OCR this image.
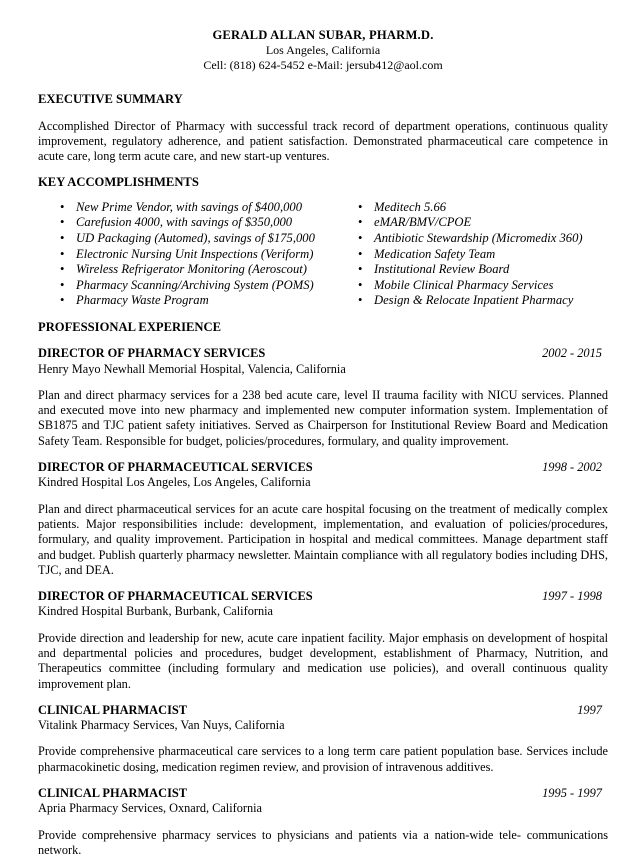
GERALD ALLAN SUBAR, PHARM.D.
Los Angeles, California
Cell: (818) 624-5452 e-Mail: jersub412@aol.com
EXECUTIVE SUMMARY

Accomplished Director of Pharmacy with successful track record of department operations, continuous quality improvement, regulatory adherence, and patient satisfaction. Demonstrated pharmaceutical care competence in acute care, long term acute care, and new start-up ventures.

KEY ACCOMPLISHMENTS
• New Prime Vendor, with savings of $400,000
• Carefusion 4000, with savings of $350,000
• UD Packaging (Automed), savings of $175,000
• Electronic Nursing Unit Inspections (Veriform)
• Wireless Refrigerator Monitoring (Aeroscout)
• Pharmacy Scanning/Archiving System (POMS)
• Pharmacy Waste Program
• Meditech 5.66
• eMAR/BMV/CPOE
• Antibiotic Stewardship (Micromedix 360)
• Medication Safety Team
• Institutional Review Board
• Mobile Clinical Pharmacy Services
• Design & Relocate Inpatient Pharmacy
PROFESSIONAL EXPERIENCE
DIRECTOR OF PHARMACY SERVICES	2002 - 2015

Henry Mayo Newhall Memorial Hospital, Valencia, California

Plan and direct pharmacy services for a 238 bed acute care, level II trauma facility with NICU services. Planned and executed move into new pharmacy and implemented new computer information system. Implementation of SB1875 and TJC patient safety initiatives. Served as Chairperson for Institutional Review Board and Medication Safety Team. Responsible for budget, policies/procedures, formulary, and quality improvement.

DIRECTOR OF PHARMACEUTICAL SERVICES	1998 - 2002

Kindred Hospital Los Angeles, Los Angeles, California

Plan and direct pharmaceutical services for an acute care hospital focusing on the treatment of medically complex patients. Major responsibilities include: development, implementation, and evaluation of policies/procedures, formulary, and quality improvement. Participation in hospital and medical committees. Manage department staff and budget. Publish quarterly pharmacy newsletter. Maintain compliance with all regulatory bodies including DHS, TJC, and DEA.

DIRECTOR OF PHARMACEUTICAL SERVICES	1997 - 1998

Kindred Hospital Burbank, Burbank, California

Provide direction and leadership for new, acute care inpatient facility. Major emphasis on development of hospital and departmental policies and procedures, budget development, establishment of Pharmacy, Nutrition, and Therapeutics committee (including formulary and medication use policies), and overall continuous quality improvement plan.

CLINICAL PHARMACIST	1997

Vitalink Pharmacy Services, Van Nuys, California

Provide comprehensive pharmaceutical care services to a long term care patient population base. Services include pharmacokinetic dosing, medication regimen review, and provision of intravenous additives.

CLINICAL PHARMACIST	1995 - 1997

Apria Pharmacy Services, Oxnard, California

Provide comprehensive pharmacy services to physicians and patients via a nation-wide tele- communications network.
